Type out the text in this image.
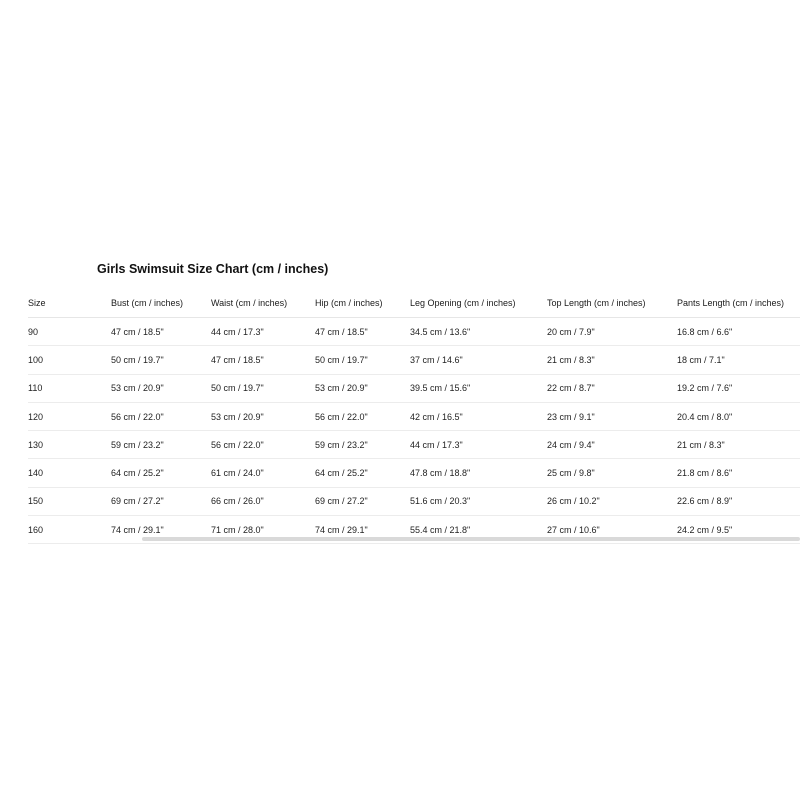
Girls Swimsuit Size Chart (cm / inches)
Size	Bust (cm / inches)	Waist (cm / inches)	Hip (cm / inches)	Leg Opening (cm / inches)	Top Length (cm / inches)	Pants Length (cm / inches)
90	47 cm / 18.5"	44 cm / 17.3"	47 cm / 18.5"	34.5 cm / 13.6"	20 cm / 7.9"	16.8 cm / 6.6"
100	50 cm / 19.7"	47 cm / 18.5"	50 cm / 19.7"	37 cm / 14.6"	21 cm / 8.3"	18 cm / 7.1"
110	53 cm / 20.9"	50 cm / 19.7"	53 cm / 20.9"	39.5 cm / 15.6"	22 cm / 8.7"	19.2 cm / 7.6"
120	56 cm / 22.0"	53 cm / 20.9"	56 cm / 22.0"	42 cm / 16.5"	23 cm / 9.1"	20.4 cm / 8.0"
130	59 cm / 23.2"	56 cm / 22.0"	59 cm / 23.2"	44 cm / 17.3"	24 cm / 9.4"	21 cm / 8.3"
140	64 cm / 25.2"	61 cm / 24.0"	64 cm / 25.2"	47.8 cm / 18.8"	25 cm / 9.8"	21.8 cm / 8.6"
150	69 cm / 27.2"	66 cm / 26.0"	69 cm / 27.2"	51.6 cm / 20.3"	26 cm / 10.2"	22.6 cm / 8.9"
160	74 cm / 29.1"	71 cm / 28.0"	74 cm / 29.1"	55.4 cm / 21.8"	27 cm / 10.6"	24.2 cm / 9.5"
